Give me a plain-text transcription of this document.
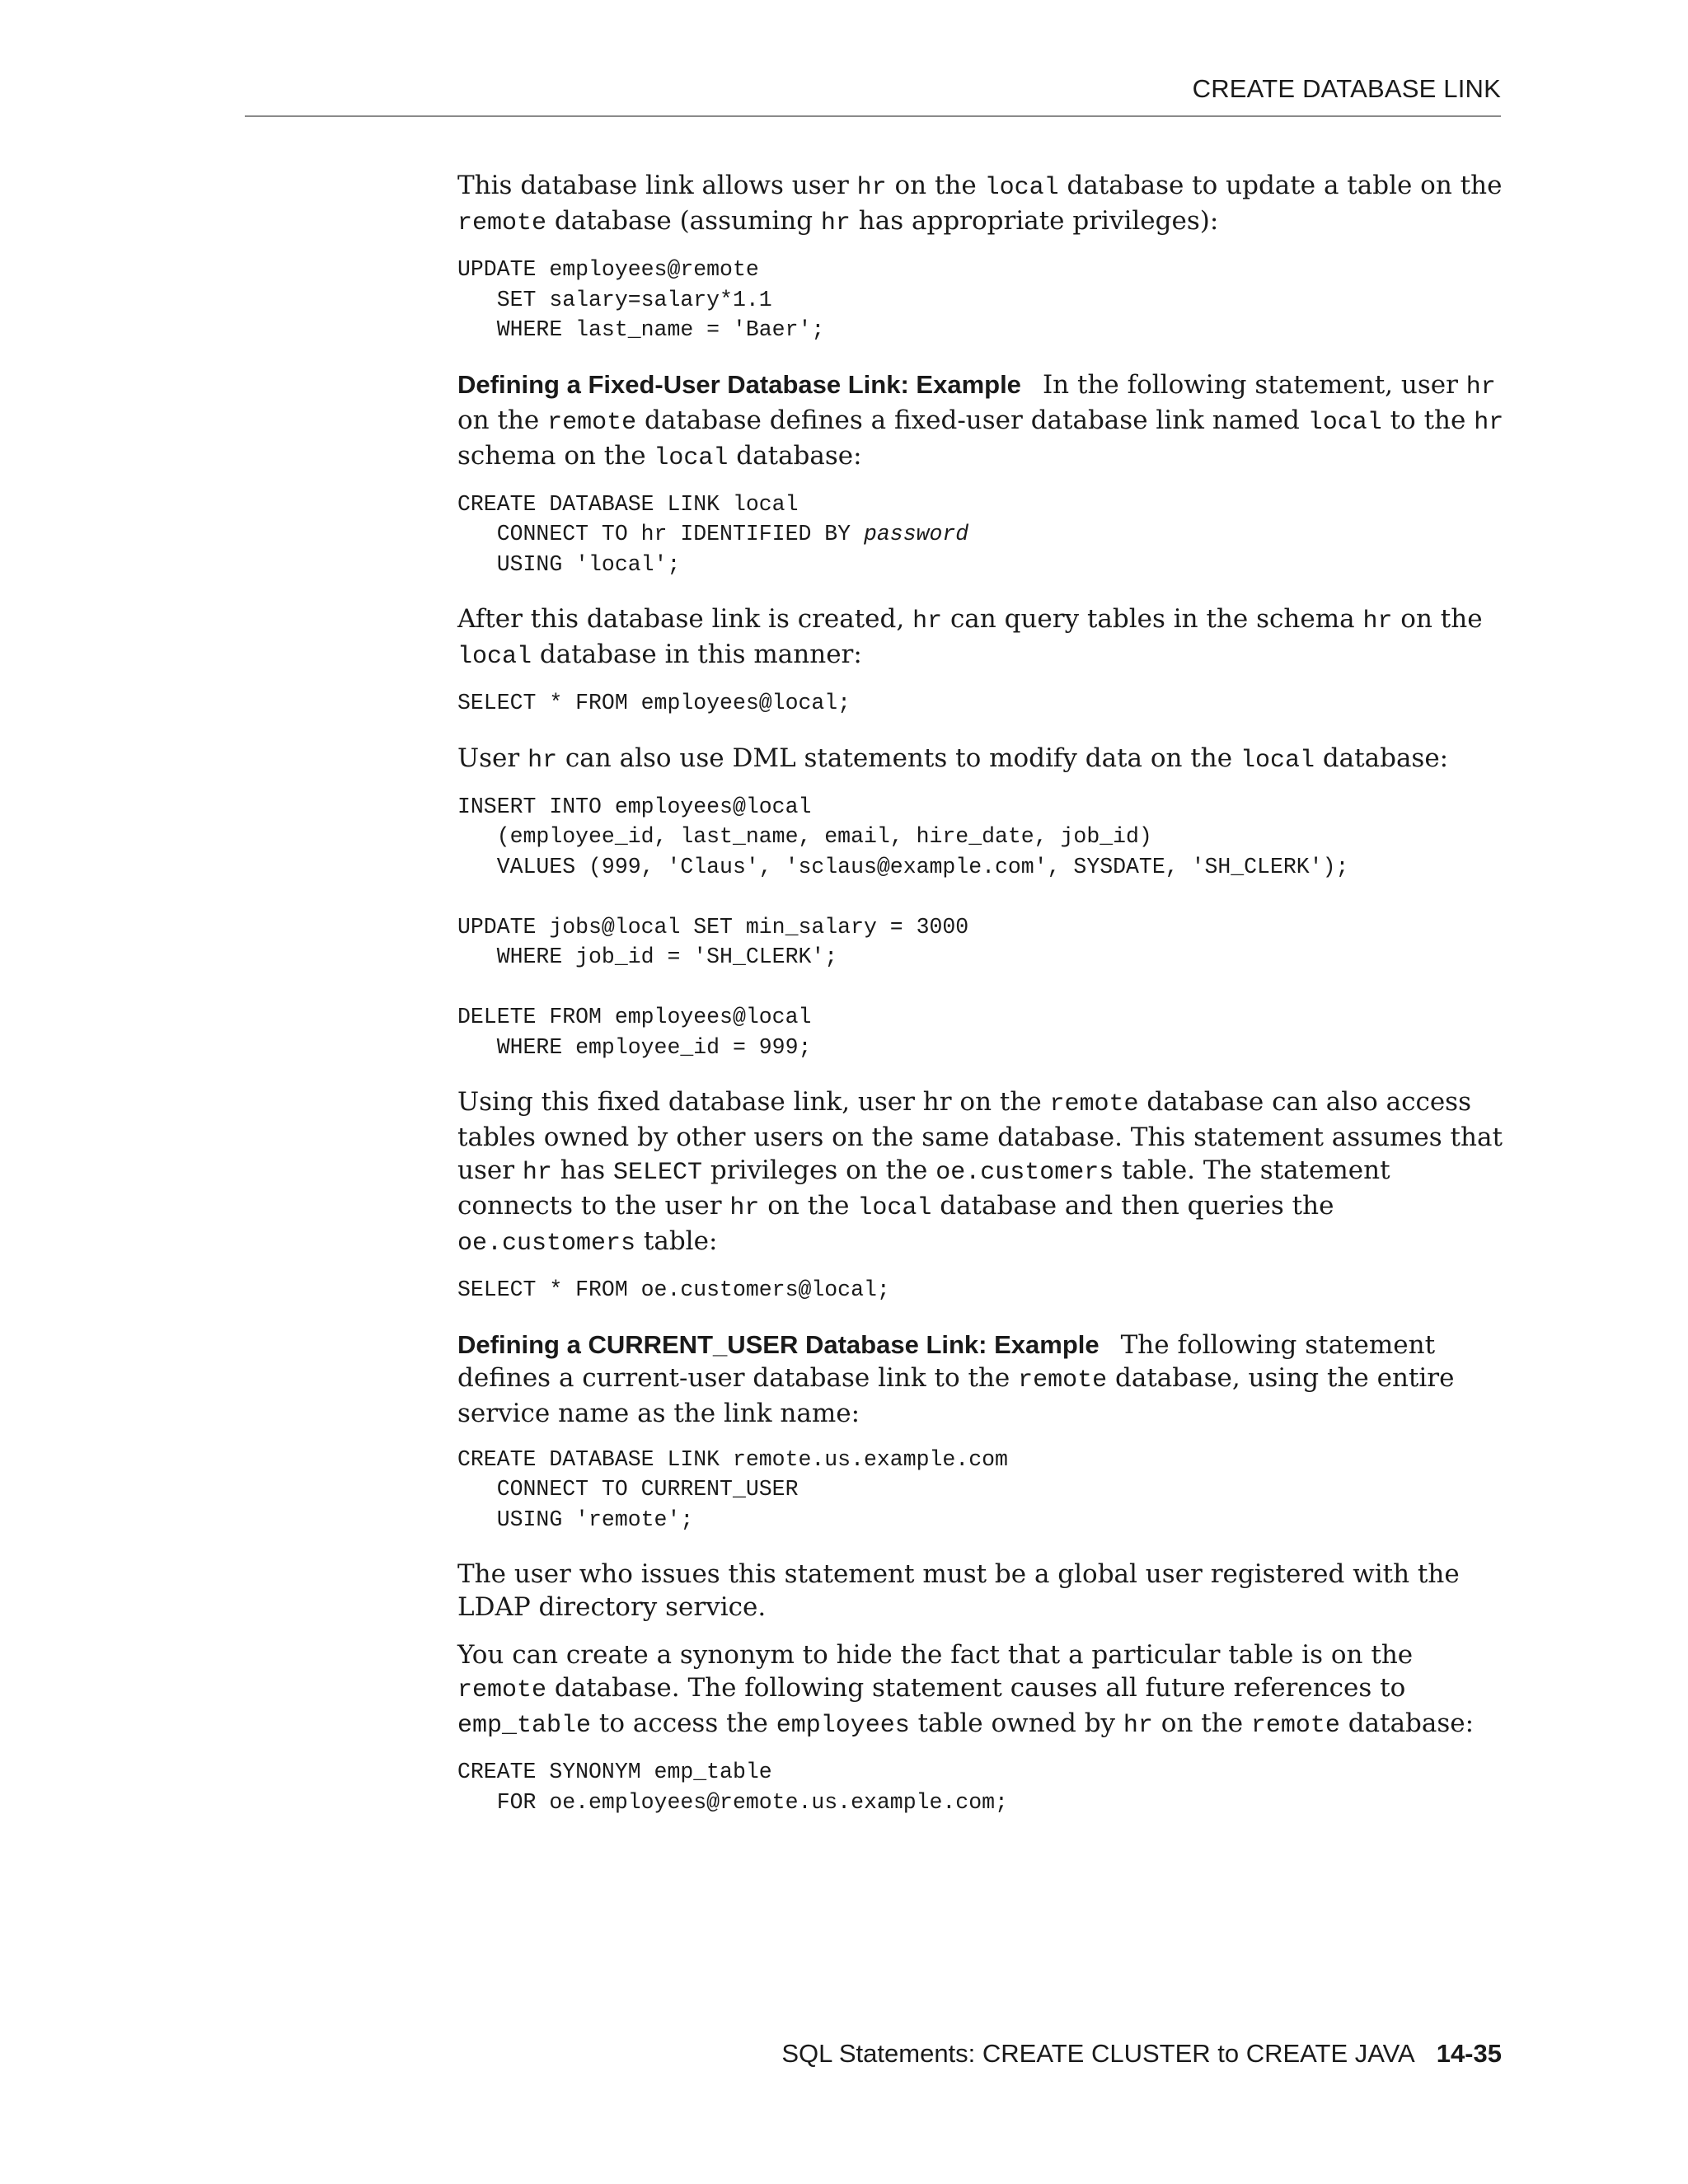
CREATE DATABASE LINK

This database link allows user hr on the local database to update a table on the remote database (assuming hr has appropriate privileges):

UPDATE employees@remote
SET salary=salary*1.1
WHERE last_name = 'Baer';

Defining a Fixed-User Database Link: Example In the following statement, user hr on the remote database defines a fixed-user database link named local to the hr schema on the local database:

CREATE DATABASE LINK local
CONNECT TO hr IDENTIFIED BY password
USING 'local';

After this database link is created, hr can query tables in the schema hr on the local database in this manner:

SELECT * FROM employees@local;

User hr can also use DML statements to modify data on the local database:

INSERT INTO employees@local
(employee_id, last_name, email, hire_date, job_id)
VALUES (999, 'Claus', 'sclaus@example.com', SYSDATE, 'SH_CLERK');

UPDATE jobs@local SET min_salary = 3000
WHERE job_id = 'SH_CLERK';

DELETE FROM employees@local
WHERE employee_id = 999;

Using this fixed database link, user hr on the remote database can also access tables owned by other users on the same database. This statement assumes that user hr has SELECT privileges on the oe.customers table. The statement connects to the user hr on the local database and then queries the oe.customers table:

SELECT * FROM oe.customers@local;

Defining a CURRENT_USER Database Link: Example The following statement defines a current-user database link to the remote database, using the entire service name as the link name:

CREATE DATABASE LINK remote.us.example.com
CONNECT TO CURRENT_USER
USING 'remote';

The user who issues this statement must be a global user registered with the LDAP directory service.

You can create a synonym to hide the fact that a particular table is on the remote database. The following statement causes all future references to emp_table to access the employees table owned by hr on the remote database:

CREATE SYNONYM emp_table
FOR oe.employees@remote.us.example.com;
SQL Statements: CREATE CLUSTER to CREATE JAVA 14-35
